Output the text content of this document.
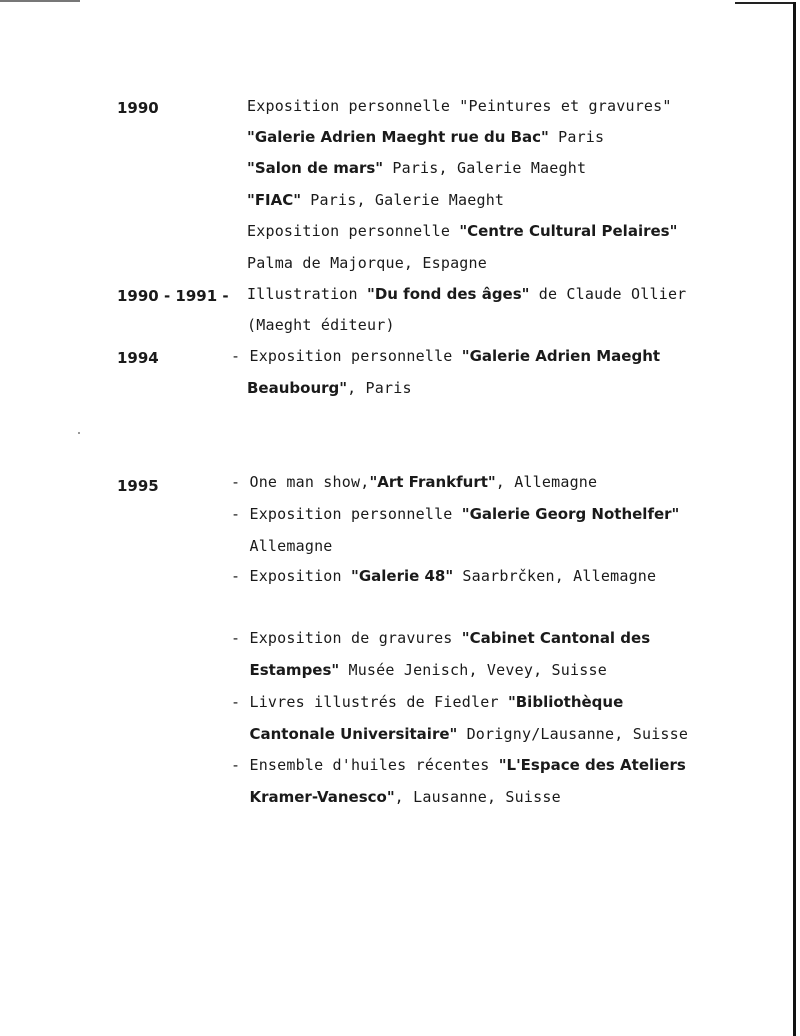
1990	Exposition personnelle "Peintures et gravures"
"Galerie Adrien Maeght rue du Bac" Paris
"Salon de mars" Paris, Galerie Maeght
"FIAC" Paris, Galerie Maeght
Exposition personnelle "Centre Cultural Pelaires"
Palma de Majorque, Espagne
1990 - 1991 - Illustration "Du fond des âges" de Claude Ollier
(Maeght éditeur)
1994	- Exposition personnelle "Galerie Adrien Maeght
Beaubourg", Paris
1995	- One man show,"Art Frankfurt", Allemagne
- Exposition personnelle "Galerie Georg Nothelfer"
Allemagne
- Exposition "Galerie 48" Saarbrčken, Allemagne
- Exposition de gravures "Cabinet Cantonal des
Estampes" Musée Jenisch, Vevey, Suisse
- Livres illustrés de Fiedler "Bibliothèque
Cantonale Universitaire" Dorigny/Lausanne, Suisse
- Ensemble d'huiles récentes "L'Espace des Ateliers
Kramer-Vanesco", Lausanne, Suisse
